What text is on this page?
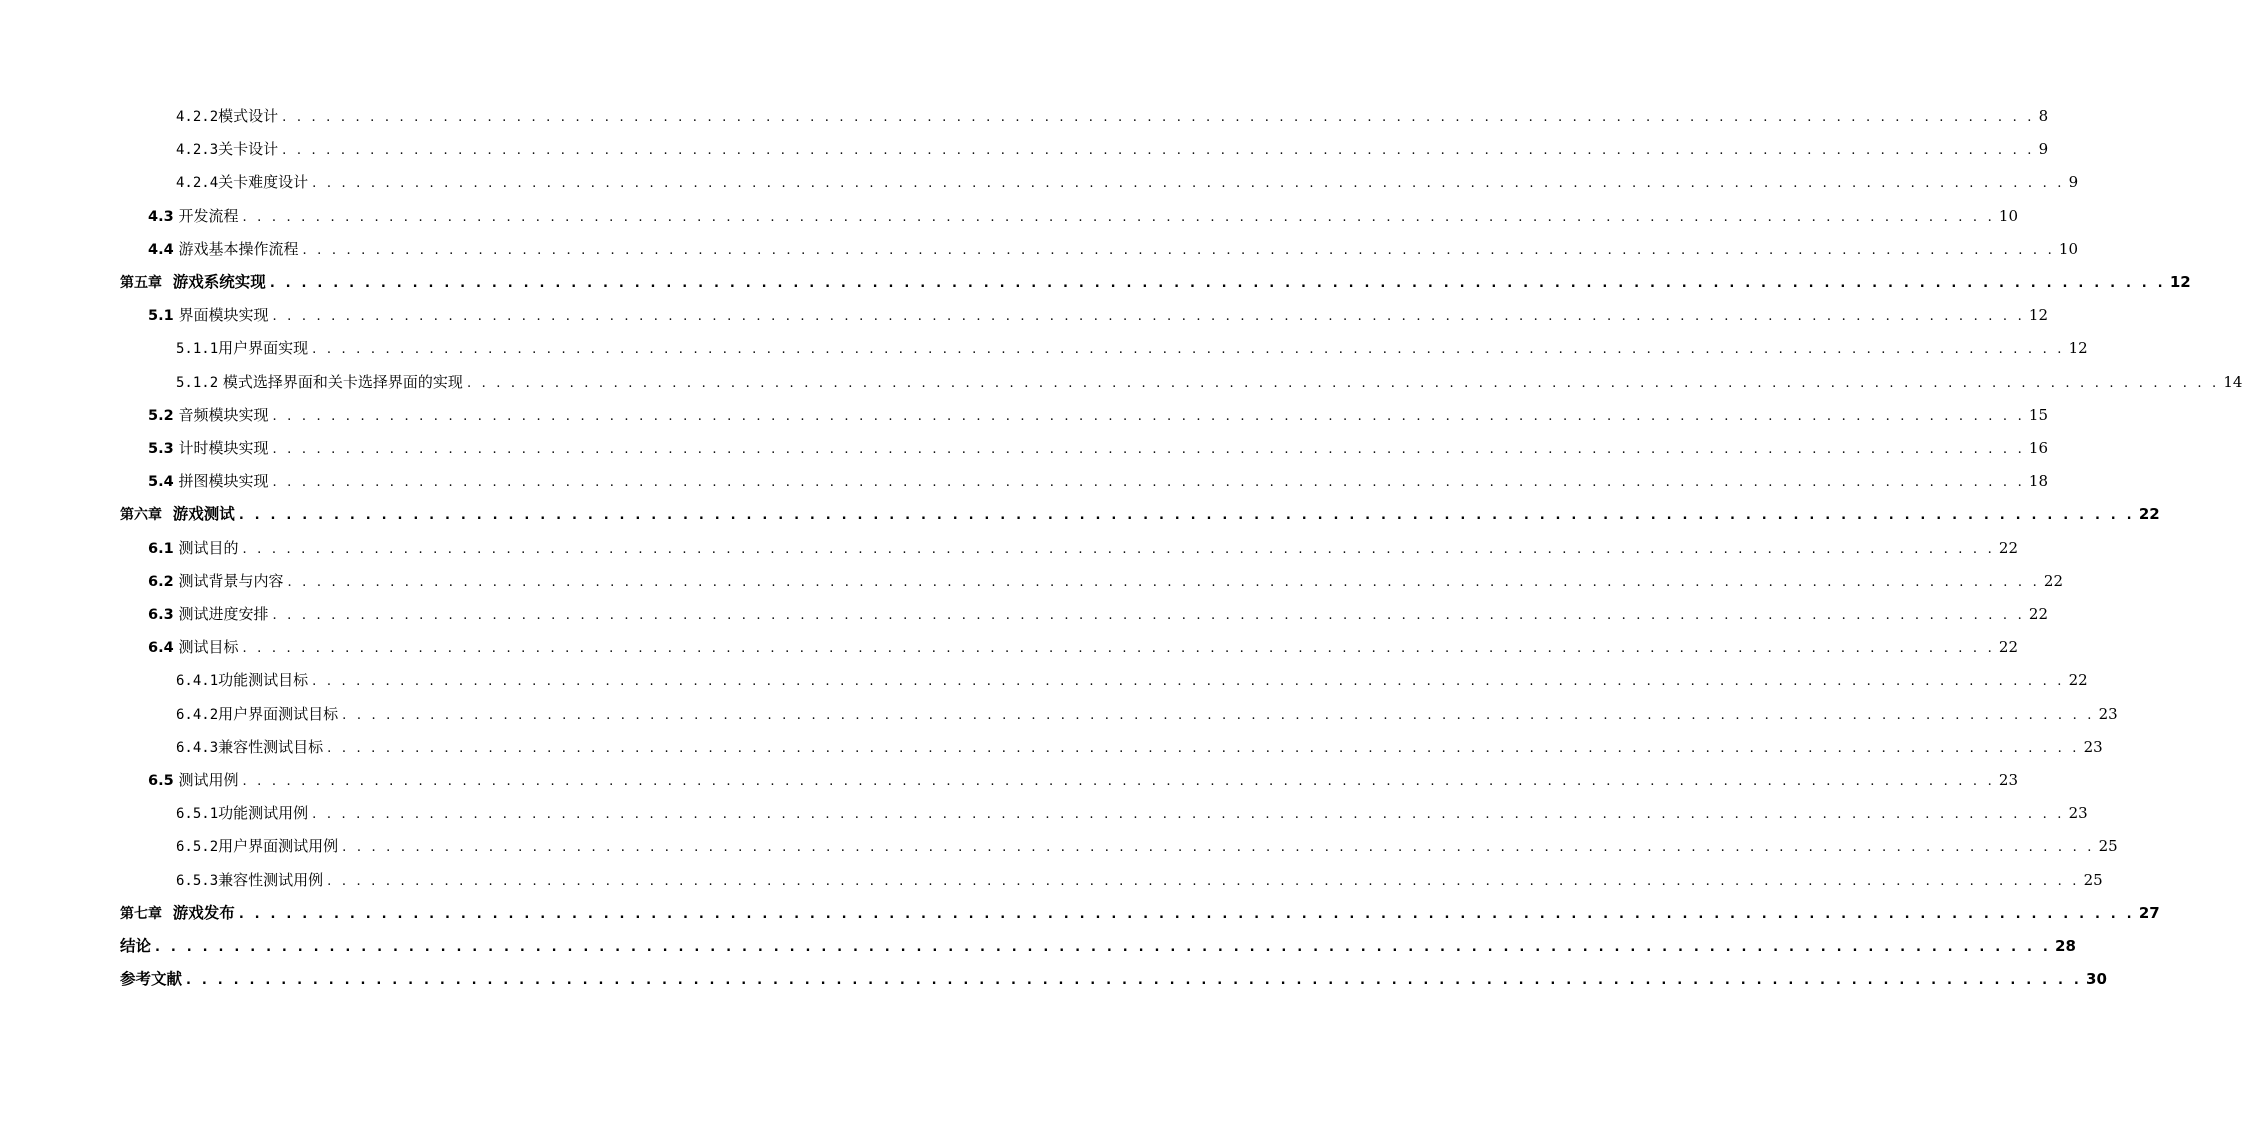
4.2.2模式设计 . . . . . . . . . . . . . . . . . . . . . . . . . . . . . . . . . . . . . . . . . . . . . . . . . . . . . . . . . . . . . . . . . . . . . . . . . . . . . . . . . . . . . . . . . . . . . . . . . . . . . . . . . . . . . . . . . . . . . . . . 8
4.2.3关卡设计 . . . . . . . . . . . . . . . . . . . . . . . . . . . . . . . . . . . . . . . . . . . . . . . . . . . . . . . . . . . . . . . . . . . . . . . . . . . . . . . . . . . . . . . . . . . . . . . . . . . . . . . . . . . . . . . . . . . . . . . . 9
4.2.4关卡难度设计 . . . . . . . . . . . . . . . . . . . . . . . . . . . . . . . . . . . . . . . . . . . . . . . . . . . . . . . . . . . . . . . . . . . . . . . . . . . . . . . . . . . . . . . . . . . . . . . . . . . . . . . . . . . . . . . . . . . . . . . . 9
4.3 开发流程 . . . . . . . . . . . . . . . . . . . . . . . . . . . . . . . . . . . . . . . . . . . . . . . . . . . . . . . . . . . . . . . . . . . . . . . . . . . . . . . . . . . . . . . . . . . . . . . . . . . . . . . . . . . . . . . . . . . . . . . . 10
4.4 游戏基本操作流程 . . . . . . . . . . . . . . . . . . . . . . . . . . . . . . . . . . . . . . . . . . . . . . . . . . . . . . . . . . . . . . . . . . . . . . . . . . . . . . . . . . . . . . . . . . . . . . . . . . . . . . . . . . . . . . . . . . . . . . . . 10
第五章 游戏系统实现 . . . . . . . . . . . . . . . . . . . . . . . . . . . . . . . . . . . . . . . . . . . . . . . . . . . . . . . . . . . . . . . . . . . . . . . . . . . . . . . . . . . . . . . . . . . . . . . . . . . . . . . . . . . . . . . . . . . . . . . . 12
5.1 界面模块实现 . . . . . . . . . . . . . . . . . . . . . . . . . . . . . . . . . . . . . . . . . . . . . . . . . . . . . . . . . . . . . . . . . . . . . . . . . . . . . . . . . . . . . . . . . . . . . . . . . . . . . . . . . . . . . . . . . . . . . . . . 12
5.1.1用户界面实现 . . . . . . . . . . . . . . . . . . . . . . . . . . . . . . . . . . . . . . . . . . . . . . . . . . . . . . . . . . . . . . . . . . . . . . . . . . . . . . . . . . . . . . . . . . . . . . . . . . . . . . . . . . . . . . . . . . . . . . . . 12
5.1.2 模式选择界面和关卡选择界面的实现 . . . . . . . . . . . . . . . . . . . . . . . . . . . . . . . . . . . . . . . . . . . . . . . . . . . . . . . . . . . . . . . . . . . . . . . . . . . . . . . . . . . . . . . . . . . . . . . . . . . . . . . . . . . . . . . . . . . . . . . . 14
5.2 音频模块实现 . . . . . . . . . . . . . . . . . . . . . . . . . . . . . . . . . . . . . . . . . . . . . . . . . . . . . . . . . . . . . . . . . . . . . . . . . . . . . . . . . . . . . . . . . . . . . . . . . . . . . . . . . . . . . . . . . . . . . . . . 15
5.3 计时模块实现 . . . . . . . . . . . . . . . . . . . . . . . . . . . . . . . . . . . . . . . . . . . . . . . . . . . . . . . . . . . . . . . . . . . . . . . . . . . . . . . . . . . . . . . . . . . . . . . . . . . . . . . . . . . . . . . . . . . . . . . . 16
5.4 拼图模块实现 . . . . . . . . . . . . . . . . . . . . . . . . . . . . . . . . . . . . . . . . . . . . . . . . . . . . . . . . . . . . . . . . . . . . . . . . . . . . . . . . . . . . . . . . . . . . . . . . . . . . . . . . . . . . . . . . . . . . . . . . 18
第六章 游戏测试 . . . . . . . . . . . . . . . . . . . . . . . . . . . . . . . . . . . . . . . . . . . . . . . . . . . . . . . . . . . . . . . . . . . . . . . . . . . . . . . . . . . . . . . . . . . . . . . . . . . . . . . . . . . . . . . . . . . . . . . . 22
6.1 测试目的 . . . . . . . . . . . . . . . . . . . . . . . . . . . . . . . . . . . . . . . . . . . . . . . . . . . . . . . . . . . . . . . . . . . . . . . . . . . . . . . . . . . . . . . . . . . . . . . . . . . . . . . . . . . . . . . . . . . . . . . . 22
6.2 测试背景与内容 . . . . . . . . . . . . . . . . . . . . . . . . . . . . . . . . . . . . . . . . . . . . . . . . . . . . . . . . . . . . . . . . . . . . . . . . . . . . . . . . . . . . . . . . . . . . . . . . . . . . . . . . . . . . . . . . . . . . . . . . 22
6.3 测试进度安排 . . . . . . . . . . . . . . . . . . . . . . . . . . . . . . . . . . . . . . . . . . . . . . . . . . . . . . . . . . . . . . . . . . . . . . . . . . . . . . . . . . . . . . . . . . . . . . . . . . . . . . . . . . . . . . . . . . . . . . . . 22
6.4 测试目标 . . . . . . . . . . . . . . . . . . . . . . . . . . . . . . . . . . . . . . . . . . . . . . . . . . . . . . . . . . . . . . . . . . . . . . . . . . . . . . . . . . . . . . . . . . . . . . . . . . . . . . . . . . . . . . . . . . . . . . . . 22
6.4.1功能测试目标 . . . . . . . . . . . . . . . . . . . . . . . . . . . . . . . . . . . . . . . . . . . . . . . . . . . . . . . . . . . . . . . . . . . . . . . . . . . . . . . . . . . . . . . . . . . . . . . . . . . . . . . . . . . . . . . . . . . . . . . . 22
6.4.2用户界面测试目标 . . . . . . . . . . . . . . . . . . . . . . . . . . . . . . . . . . . . . . . . . . . . . . . . . . . . . . . . . . . . . . . . . . . . . . . . . . . . . . . . . . . . . . . . . . . . . . . . . . . . . . . . . . . . . . . . . . . . . . . . 23
6.4.3兼容性测试目标 . . . . . . . . . . . . . . . . . . . . . . . . . . . . . . . . . . . . . . . . . . . . . . . . . . . . . . . . . . . . . . . . . . . . . . . . . . . . . . . . . . . . . . . . . . . . . . . . . . . . . . . . . . . . . . . . . . . . . . . . 23
6.5 测试用例 . . . . . . . . . . . . . . . . . . . . . . . . . . . . . . . . . . . . . . . . . . . . . . . . . . . . . . . . . . . . . . . . . . . . . . . . . . . . . . . . . . . . . . . . . . . . . . . . . . . . . . . . . . . . . . . . . . . . . . . . 23
6.5.1功能测试用例 . . . . . . . . . . . . . . . . . . . . . . . . . . . . . . . . . . . . . . . . . . . . . . . . . . . . . . . . . . . . . . . . . . . . . . . . . . . . . . . . . . . . . . . . . . . . . . . . . . . . . . . . . . . . . . . . . . . . . . . . 23
6.5.2用户界面测试用例 . . . . . . . . . . . . . . . . . . . . . . . . . . . . . . . . . . . . . . . . . . . . . . . . . . . . . . . . . . . . . . . . . . . . . . . . . . . . . . . . . . . . . . . . . . . . . . . . . . . . . . . . . . . . . . . . . . . . . . . . 25
6.5.3兼容性测试用例 . . . . . . . . . . . . . . . . . . . . . . . . . . . . . . . . . . . . . . . . . . . . . . . . . . . . . . . . . . . . . . . . . . . . . . . . . . . . . . . . . . . . . . . . . . . . . . . . . . . . . . . . . . . . . . . . . . . . . . . . 25
第七章 游戏发布 . . . . . . . . . . . . . . . . . . . . . . . . . . . . . . . . . . . . . . . . . . . . . . . . . . . . . . . . . . . . . . . . . . . . . . . . . . . . . . . . . . . . . . . . . . . . . . . . . . . . . . . . . . . . . . . . . . . . . . . . 27
结论 . . . . . . . . . . . . . . . . . . . . . . . . . . . . . . . . . . . . . . . . . . . . . . . . . . . . . . . . . . . . . . . . . . . . . . . . . . . . . . . . . . . . . . . . . . . . . . . . . . . . . . . . . . . . . . . . . . . . . . . . 28
参考文献 . . . . . . . . . . . . . . . . . . . . . . . . . . . . . . . . . . . . . . . . . . . . . . . . . . . . . . . . . . . . . . . . . . . . . . . . . . . . . . . . . . . . . . . . . . . . . . . . . . . . . . . . . . . . . . . . . . . . . . . . 30
